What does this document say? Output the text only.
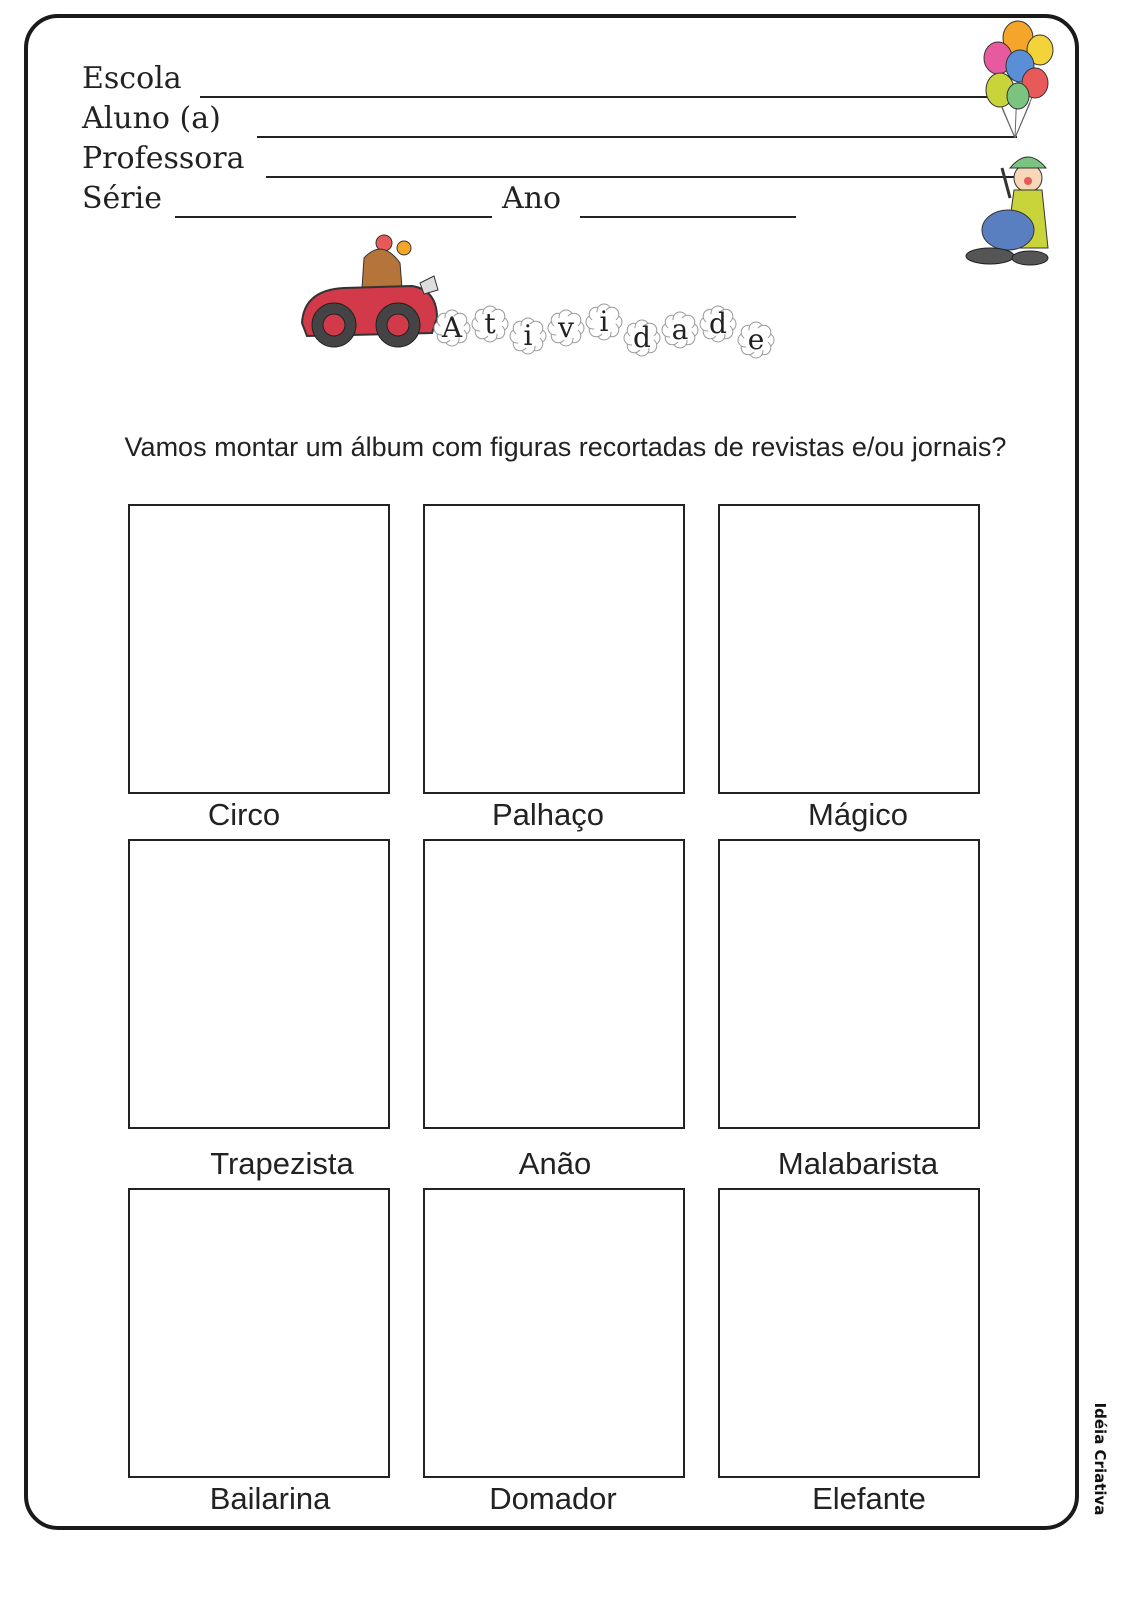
Escola
Aluno (a)
Professora
Série	Ano
A t i v i d a d e
Vamos montar um álbum com figuras recortadas de revistas e/ou jornais?
Circo	Palhaço	Mágico
Trapezista	Anão	Malabarista
Bailarina	Domador	Elefante	Idéia Criativa
